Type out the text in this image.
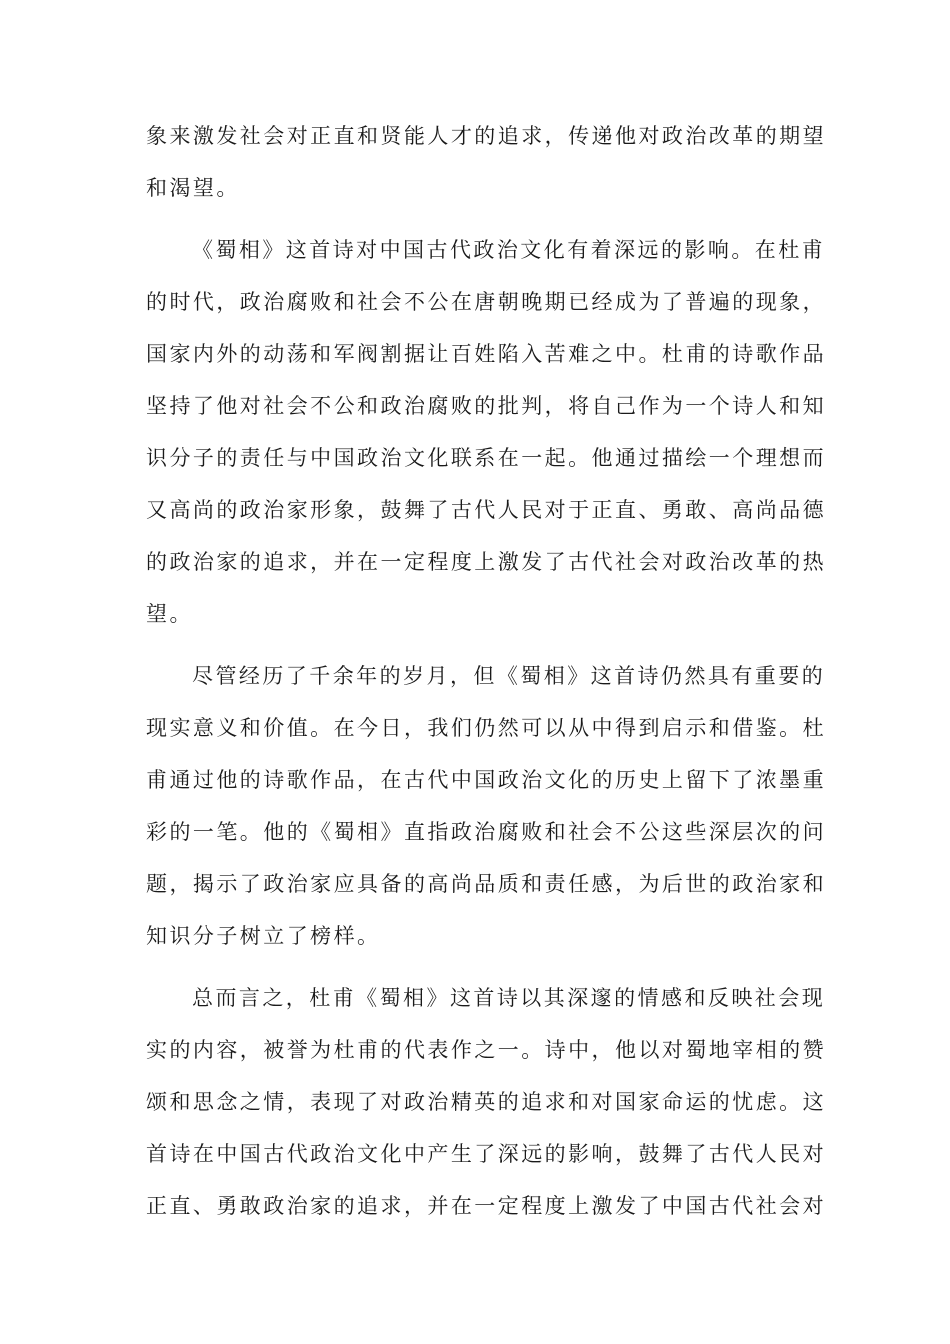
象来激发社会对正直和贤能人才的追求，传递他对政治改革的期望
和渴望。
《蜀相》这首诗对中国古代政治文化有着深远的影响。在杜甫
的时代，政治腐败和社会不公在唐朝晚期已经成为了普遍的现象，
国家内外的动荡和军阀割据让百姓陷入苦难之中。杜甫的诗歌作品
坚持了他对社会不公和政治腐败的批判，将自己作为一个诗人和知
识分子的责任与中国政治文化联系在一起。他通过描绘一个理想而
又高尚的政治家形象，鼓舞了古代人民对于正直、勇敢、高尚品德
的政治家的追求，并在一定程度上激发了古代社会对政治改革的热
望。
尽管经历了千余年的岁月，但《蜀相》这首诗仍然具有重要的
现实意义和价值。在今日，我们仍然可以从中得到启示和借鉴。杜
甫通过他的诗歌作品，在古代中国政治文化的历史上留下了浓墨重
彩的一笔。他的《蜀相》直指政治腐败和社会不公这些深层次的问
题，揭示了政治家应具备的高尚品质和责任感，为后世的政治家和
知识分子树立了榜样。
总而言之，杜甫《蜀相》这首诗以其深邃的情感和反映社会现
实的内容，被誉为杜甫的代表作之一。诗中，他以对蜀地宰相的赞
颂和思念之情，表现了对政治精英的追求和对国家命运的忧虑。这
首诗在中国古代政治文化中产生了深远的影响，鼓舞了古代人民对
正直、勇敢政治家的追求，并在一定程度上激发了中国古代社会对
